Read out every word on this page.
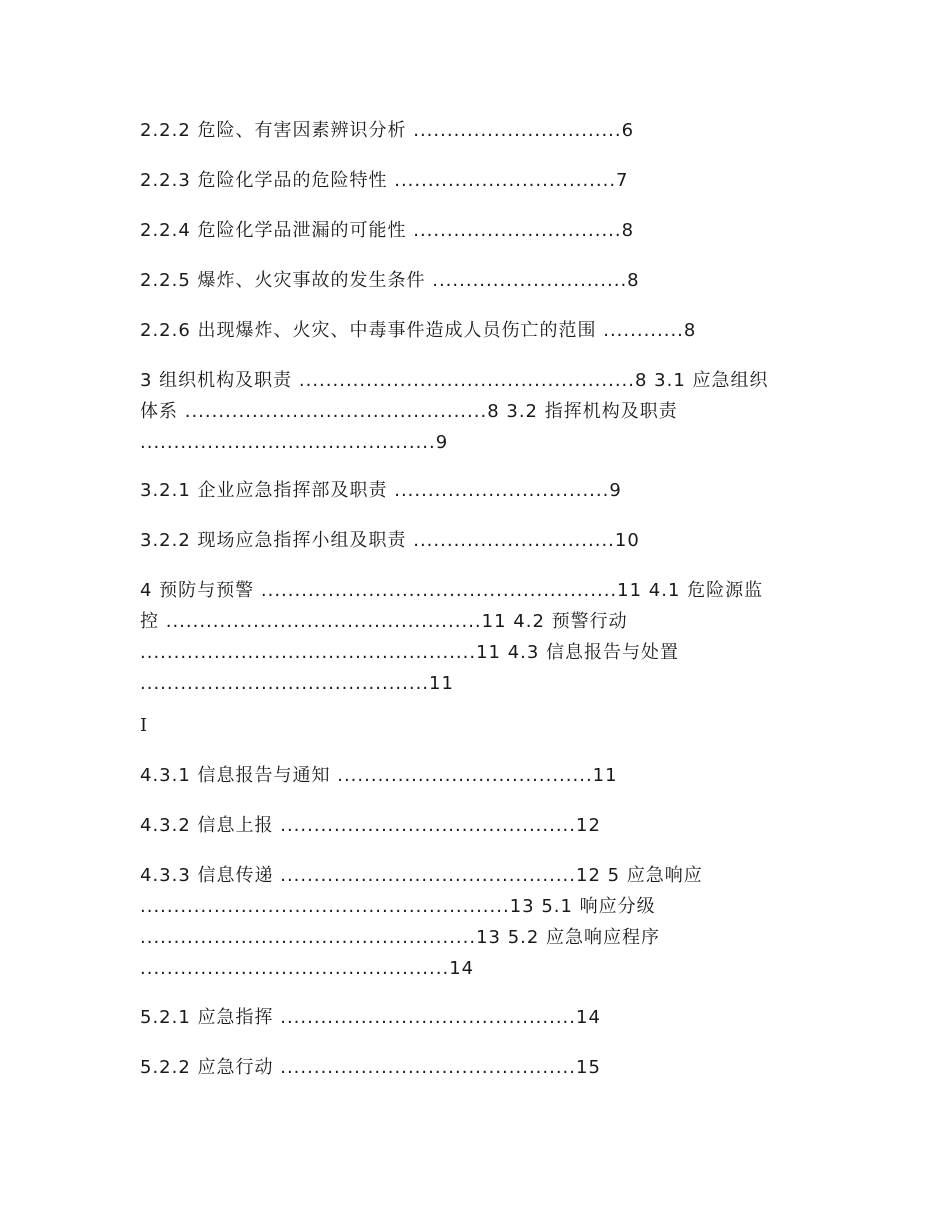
2.2.2 危险、有害因素辨识分析 ...............................6
2.2.3 危险化学品的危险特性 .................................7
2.2.4 危险化学品泄漏的可能性 ...............................8
2.2.5 爆炸、火灾事故的发生条件 .............................8
2.2.6 出现爆炸、火灾、中毒事件造成人员伤亡的范围 ............8
3 组织机构及职责 ..................................................8 3.1 应急组织
体系 .............................................8 3.2 指挥机构及职责
............................................9
3.2.1 企业应急指挥部及职责 ................................9
3.2.2 现场应急指挥小组及职责 ..............................10
4 预防与预警 .....................................................11 4.1 危险源监
控 ...............................................11 4.2 预警行动
..................................................11 4.3 信息报告与处置
...........................................11
I
4.3.1 信息报告与通知 ......................................11
4.3.2 信息上报 ............................................12
4.3.3 信息传递 ............................................12 5 应急响应
.......................................................13 5.1 响应分级
..................................................13 5.2 应急响应程序
..............................................14
5.2.1 应急指挥 ............................................14
5.2.2 应急行动 ............................................15
